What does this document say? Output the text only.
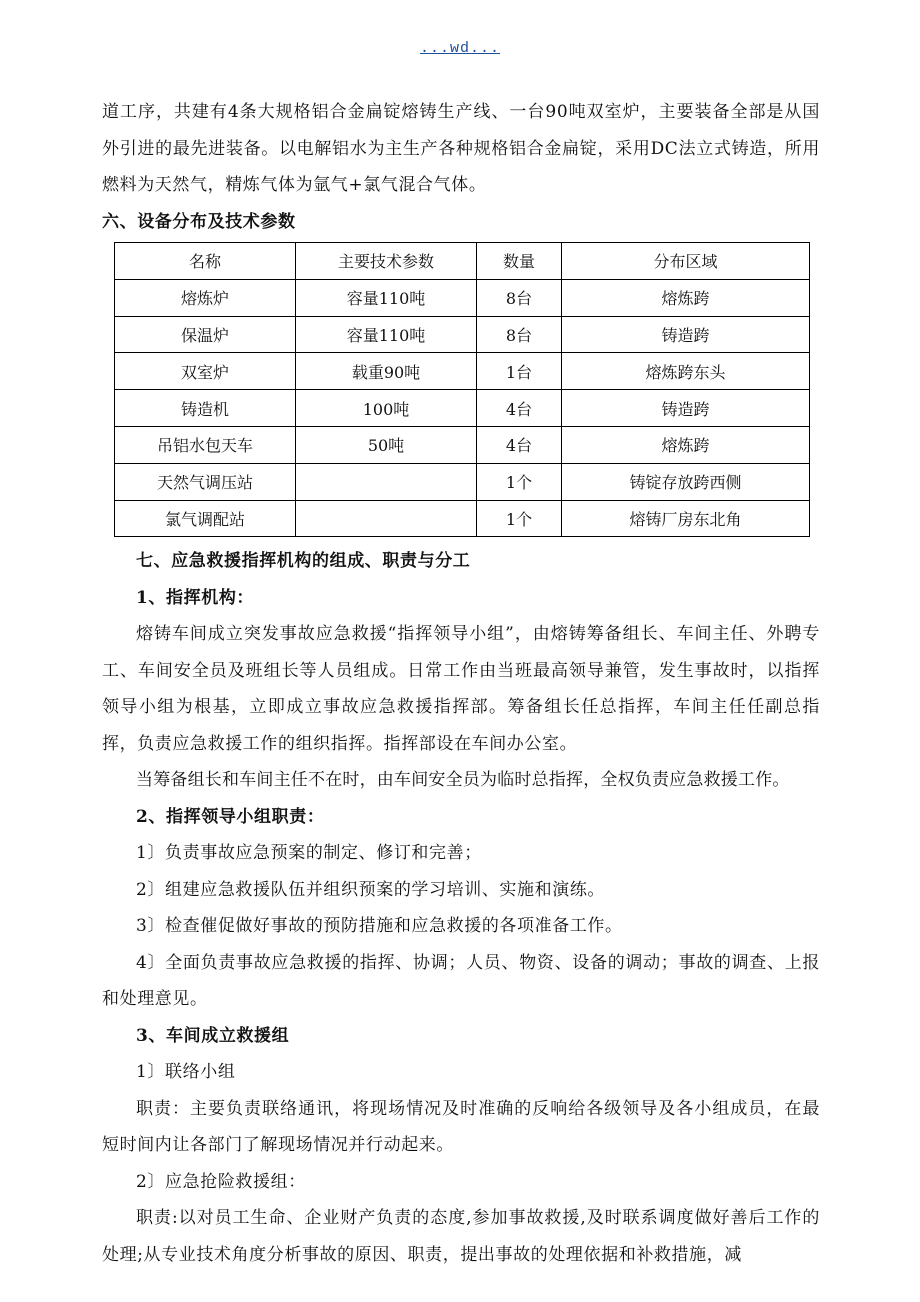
...wd...

道工序，共建有4条大规格铝合金扁锭熔铸生产线、一台90吨双室炉，主要装备全部是从国外引进的最先进装备。以电解铝水为主生产各种规格铝合金扁锭，采用DC法立式铸造，所用燃料为天然气，精炼气体为氩气+氯气混合气体。

六、设备分布及技术参数

名称	主要技术参数	数量	分布区域
熔炼炉	容量110吨	8台	熔炼跨
保温炉	容量110吨	8台	铸造跨
双室炉	载重90吨	1台	熔炼跨东头
铸造机	100吨	4台	铸造跨
吊铝水包天车	50吨	4台	熔炼跨
天然气调压站		1个	铸锭存放跨西侧
氯气调配站		1个	熔铸厂房东北角

七、应急救援指挥机构的组成、职责与分工

1、指挥机构：

熔铸车间成立突发事故应急救援“指挥领导小组”，由熔铸筹备组长、车间主任、外聘专工、车间安全员及班组长等人员组成。日常工作由当班最高领导兼管，发生事故时，以指挥领导小组为根基，立即成立事故应急救援指挥部。筹备组长任总指挥，车间主任任副总指挥，负责应急救援工作的组织指挥。指挥部设在车间办公室。

当筹备组长和车间主任不在时，由车间安全员为临时总指挥，全权负责应急救援工作。

2、指挥领导小组职责：

1〕负责事故应急预案的制定、修订和完善；

2〕组建应急救援队伍并组织预案的学习培训、实施和演练。

3〕检查催促做好事故的预防措施和应急救援的各项准备工作。

4〕全面负责事故应急救援的指挥、协调；人员、物资、设备的调动；事故的调查、上报和处理意见。

3、车间成立救援组

1〕联络小组

职责：主要负责联络通讯，将现场情况及时准确的反响给各级领导及各小组成员，在最短时间内让各部门了解现场情况并行动起来。

2〕应急抢险救援组：

职责:以对员工生命、企业财产负责的态度,参加事故救援,及时联系调度做好善后工作的处理;从专业技术角度分析事故的原因、职责，提出事故的处理依据和补救措施，减
